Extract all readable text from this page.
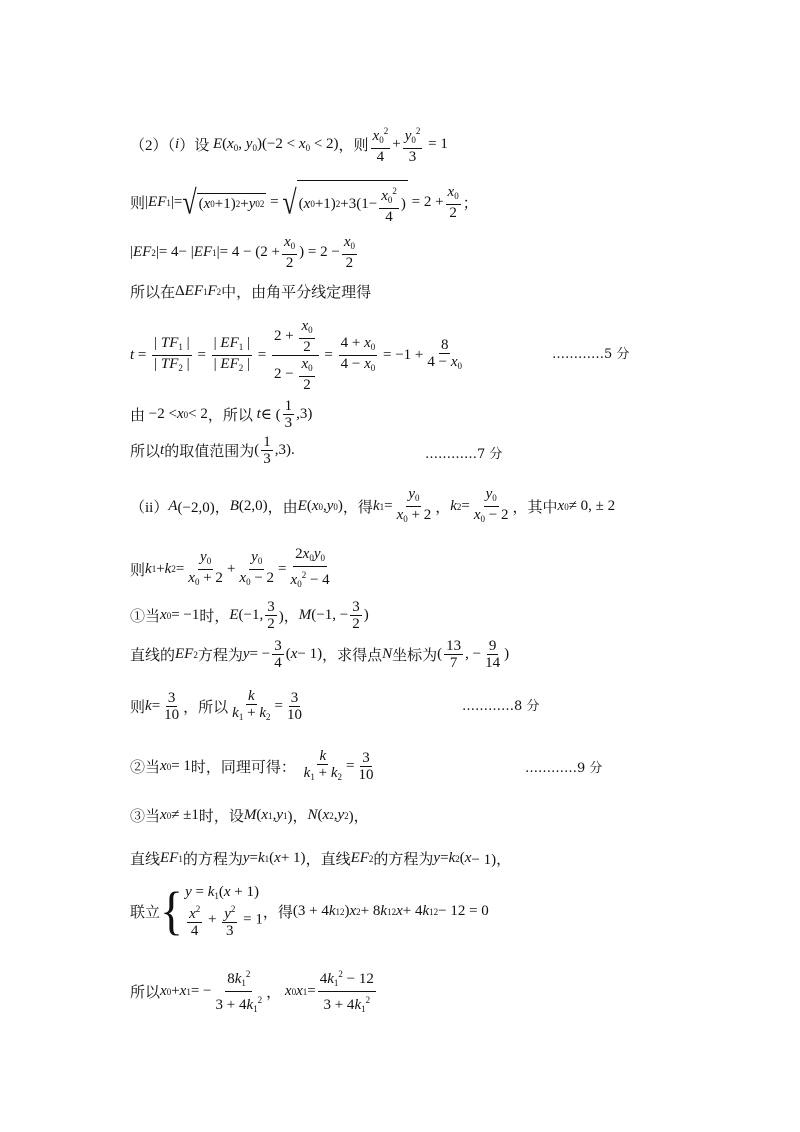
（2）（ i ）设 $E(x_0$, $y_0)(-2 < x_0 < 2)$ ，则 $\frac{x_0^2}{4} + \frac{y_0^2}{3} = 1$
则 | EF 1 |= √ ( x 0 +1) 2 + y 0 2 = √ ( x 0 +1) $2 +3(1- \frac{x_0^2}{4}$ ) = $2 + \frac{x_0}{2}$ ；
| EF 2 |= 4− | EF 1 |= $4 - (2 + \frac{x_0}{2}$ ) = $2 - \frac{x_0}{2}$
所以在 Δ EF 1 F 2 中，由角平分线定理得
$t = \frac{| TF_1 |}{| TF_2 |} = \frac{| EF_1 |}{| EF_2 |} = \frac{2 + \frac{x_0}{2}}{2 - \frac{x_0}{2}} = \frac{4 + x_0}{4 - x_0} = -1 + \frac{8}{4 - x_0}$	…………5 分
由 −2 < x 0 < 2 ，所以
t ∈ ( $\frac{1}{3} ,3$)
所以 t 的取值范围为 ( $\frac{1}{3} ,3$).	…………7 分
（ii） A (−2,0)， B (2,0) ，由 E ( x 0 , y 0 ) ，得 k $1 = \frac{y_0}{x_0 + 2}$ ， k $2 = \frac{y_0}{x_0 - 2}$ ，其中 x 0 ≠ 0, ± 2
则 k 1 + k $2 = \frac{y_0}{x_0 + 2} + \frac{y_0}{x_0 - 2} = \frac{2x_0y_0}{x_0^2 - 4}$
①当 x 0 = −1 时， E (−1, $\frac{3}{2}$ )， M (−1, − $\frac{3}{2}$ )
直线的 EF 2 方程为 y = − $\frac{3}{4}$ ( x − 1) ，求得点 N 坐标为 ( $\frac{13}{7}$ , − $\frac{9}{14}$ )
则 $k = \frac{3}{10}$ ，所以 $\frac{k}{k_1 + k_2} = \frac{3}{10}$	…………8 分
②当 x 0 = 1 时，同理可得：
$\frac{k}{k_1 + k_2} = \frac{3}{10}$	…………9 分
③当 x 0 ≠ ±1 时，设 M ( x 1 , y 1 )， N ( x 2 , y 2 )，
直线 EF 1 的方程为 y = k 1 ( x + 1) ，直线 EF 2 的方程为 y = k 2 ( x − 1)，
联立 { $y = k_1(x + 1)$
$\frac{x^2}{4} + \frac{y^2}{3} = 1$ ，得 (3 + 4 k 1 2 ) x 2 + 8 k 1 2 x + 4 k 1 2 − 12 = 0
所以 x 0 + x 1 = − $\frac{8k_1^2}{3 + 4k_1^2}$ ， x 0 x $1 = \frac{4k_1^2 - 12}{3 + 4k_1^2}$
